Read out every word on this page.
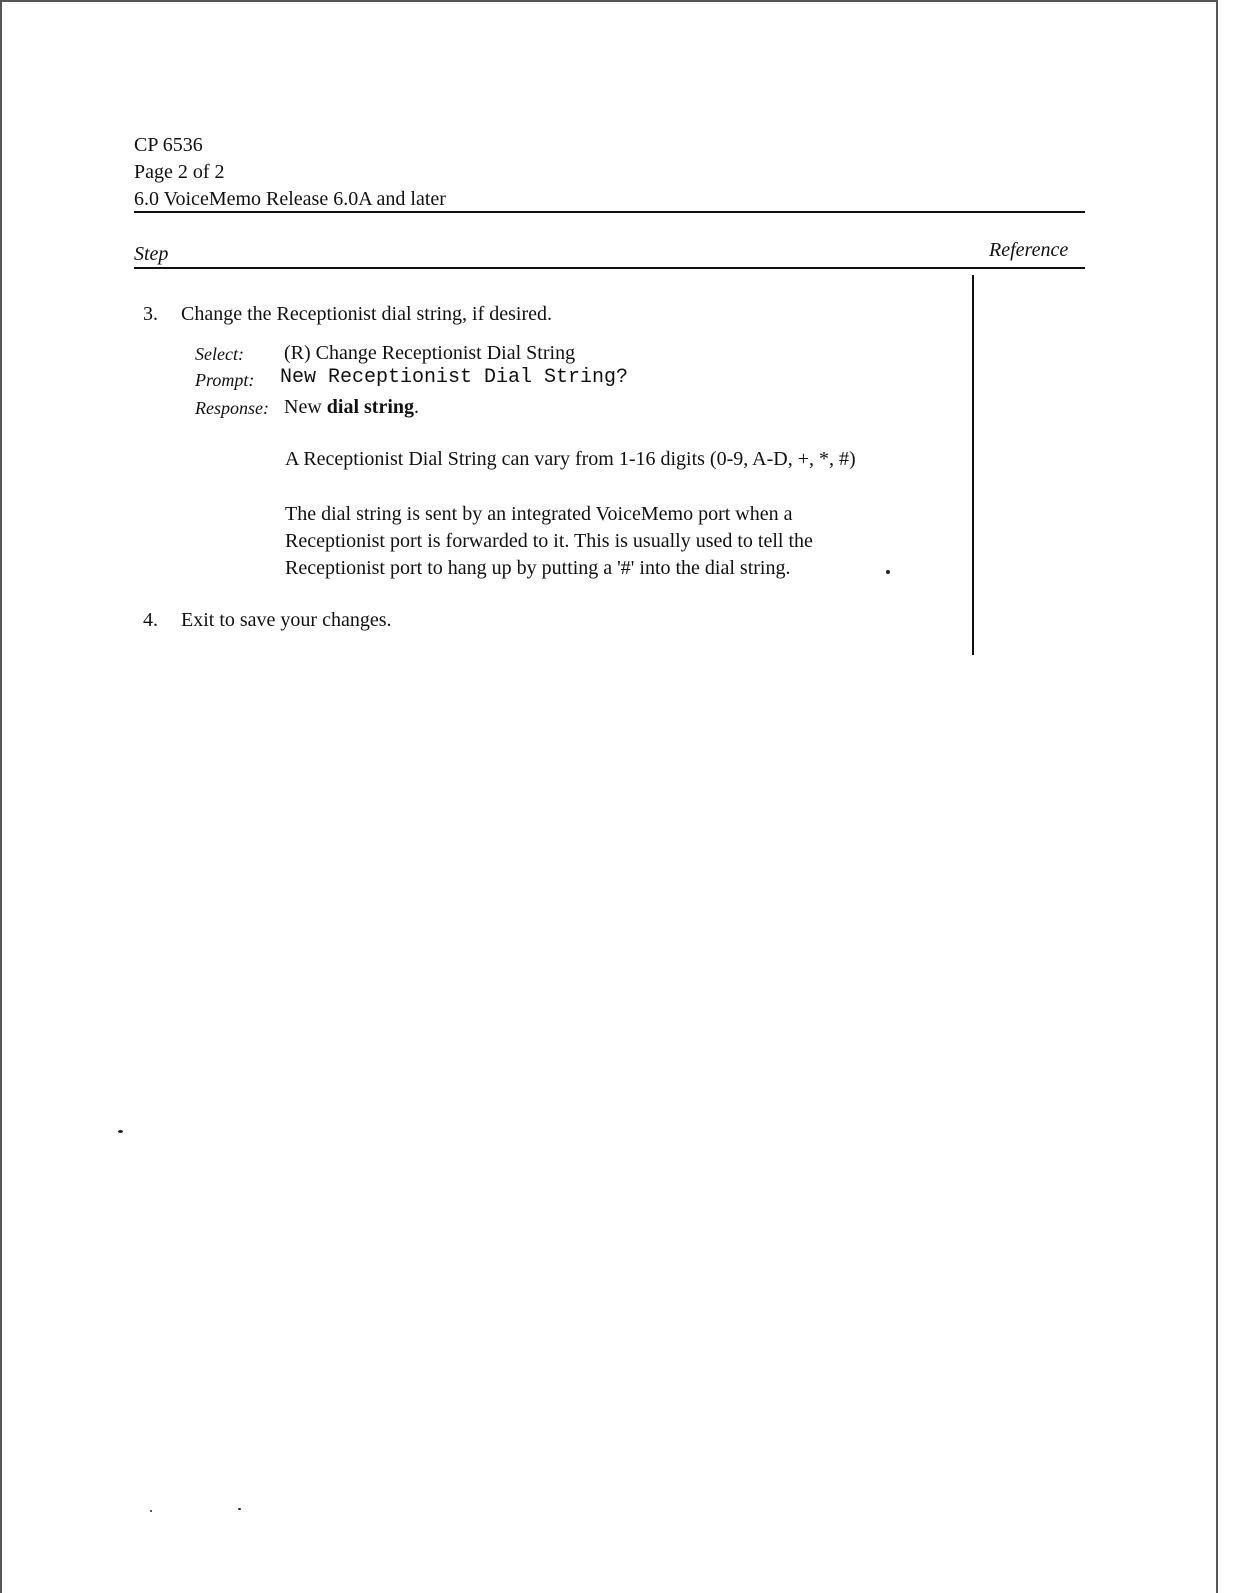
CP 6536
Page 2 of 2
6.0 VoiceMemo Release 6.0A and later
Step	Reference
3. Change the Receptionist dial string, if desired.
Select: (R) Change Receptionist Dial String
Prompt: New Receptionist Dial String?
Response: New dial string.
A Receptionist Dial String can vary from 1-16 digits (0-9, A-D, +, *, #)
The dial string is sent by an integrated VoiceMemo port when a
Receptionist port is forwarded to it. This is usually used to tell the
Receptionist port to hang up by putting a '#' into the dial string.
4. Exit to save your changes.
